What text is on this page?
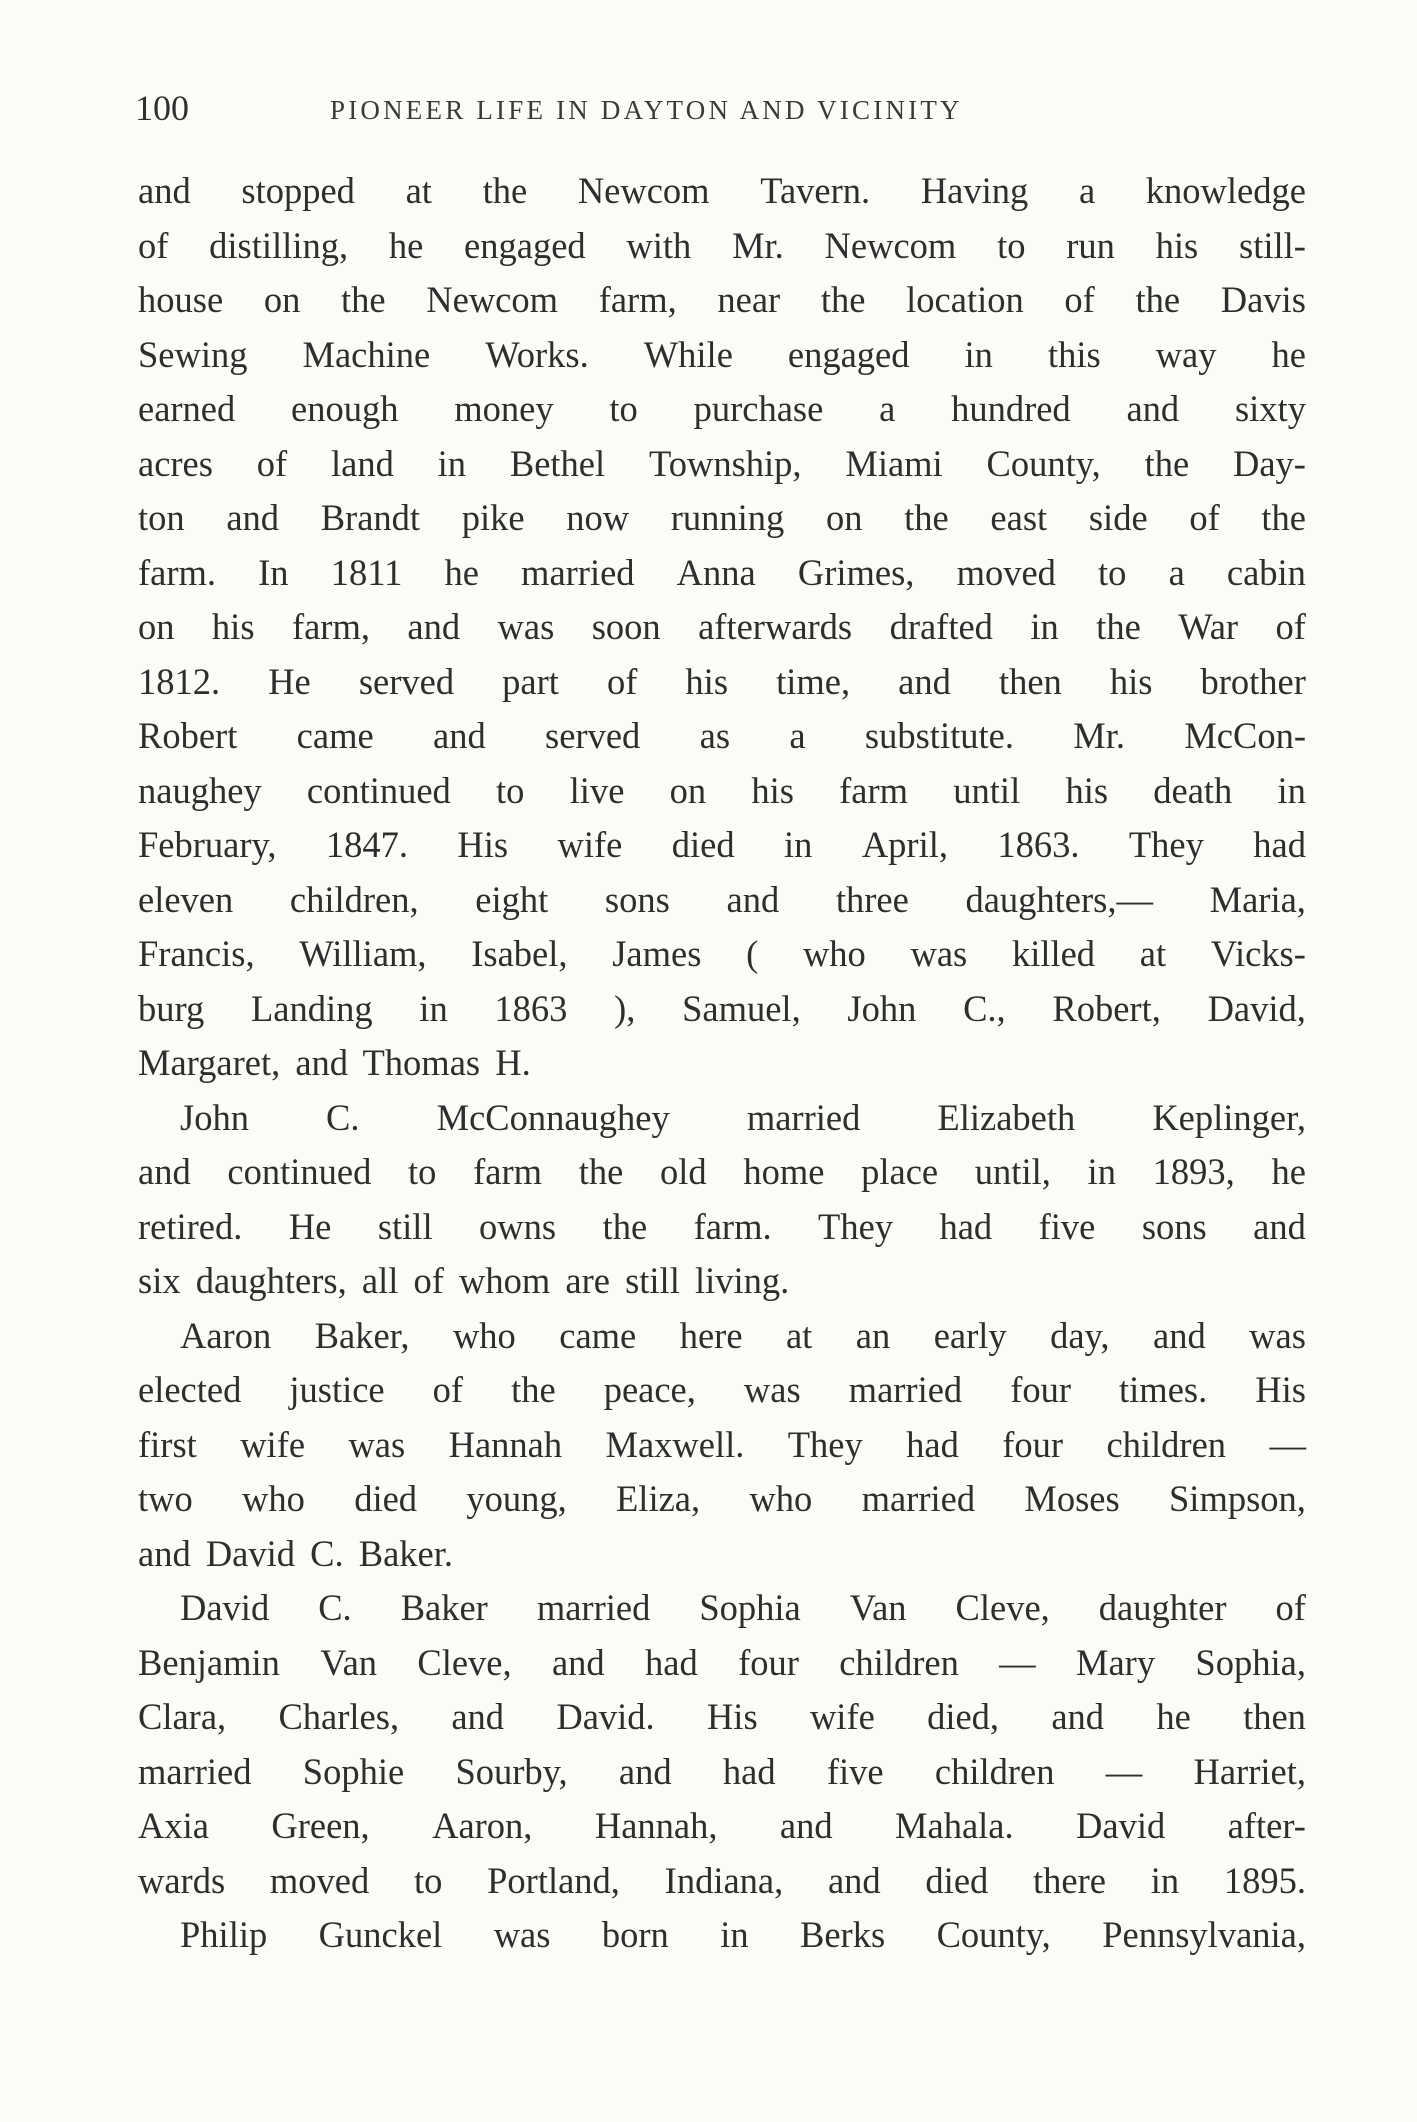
100	PIONEER LIFE IN DAYTON AND VICINITY
and stopped at the Newcom Tavern. Having a knowledge
of distilling, he engaged with Mr. Newcom to run his still-
house on the Newcom farm, near the location of the Davis
Sewing Machine Works. While engaged in this way he
earned enough money to purchase a hundred and sixty
acres of land in Bethel Township, Miami County, the Day-
ton and Brandt pike now running on the east side of the
farm. In 1811 he married Anna Grimes, moved to a cabin
on his farm, and was soon afterwards drafted in the War of
1812. He served part of his time, and then his brother
Robert came and served as a substitute. Mr. McCon-
naughey continued to live on his farm until his death in
February, 1847. His wife died in April, 1863. They had
eleven children, eight sons and three daughters,— Maria,
Francis, William, Isabel, James ( who was killed at Vicks-
burg Landing in 1863 ), Samuel, John C., Robert, David,
Margaret, and Thomas H.
John C. McConnaughey married Elizabeth Keplinger,
and continued to farm the old home place until, in 1893, he
retired. He still owns the farm. They had five sons and
six daughters, all of whom are still living.
Aaron Baker, who came here at an early day, and was
elected justice of the peace, was married four times. His
first wife was Hannah Maxwell. They had four children —
two who died young, Eliza, who married Moses Simpson,
and David C. Baker.
David C. Baker married Sophia Van Cleve, daughter of
Benjamin Van Cleve, and had four children — Mary Sophia,
Clara, Charles, and David. His wife died, and he then
married Sophie Sourby, and had five children — Harriet,
Axia Green, Aaron, Hannah, and Mahala. David after-
wards moved to Portland, Indiana, and died there in 1895.
Philip Gunckel was born in Berks County, Pennsylvania,
